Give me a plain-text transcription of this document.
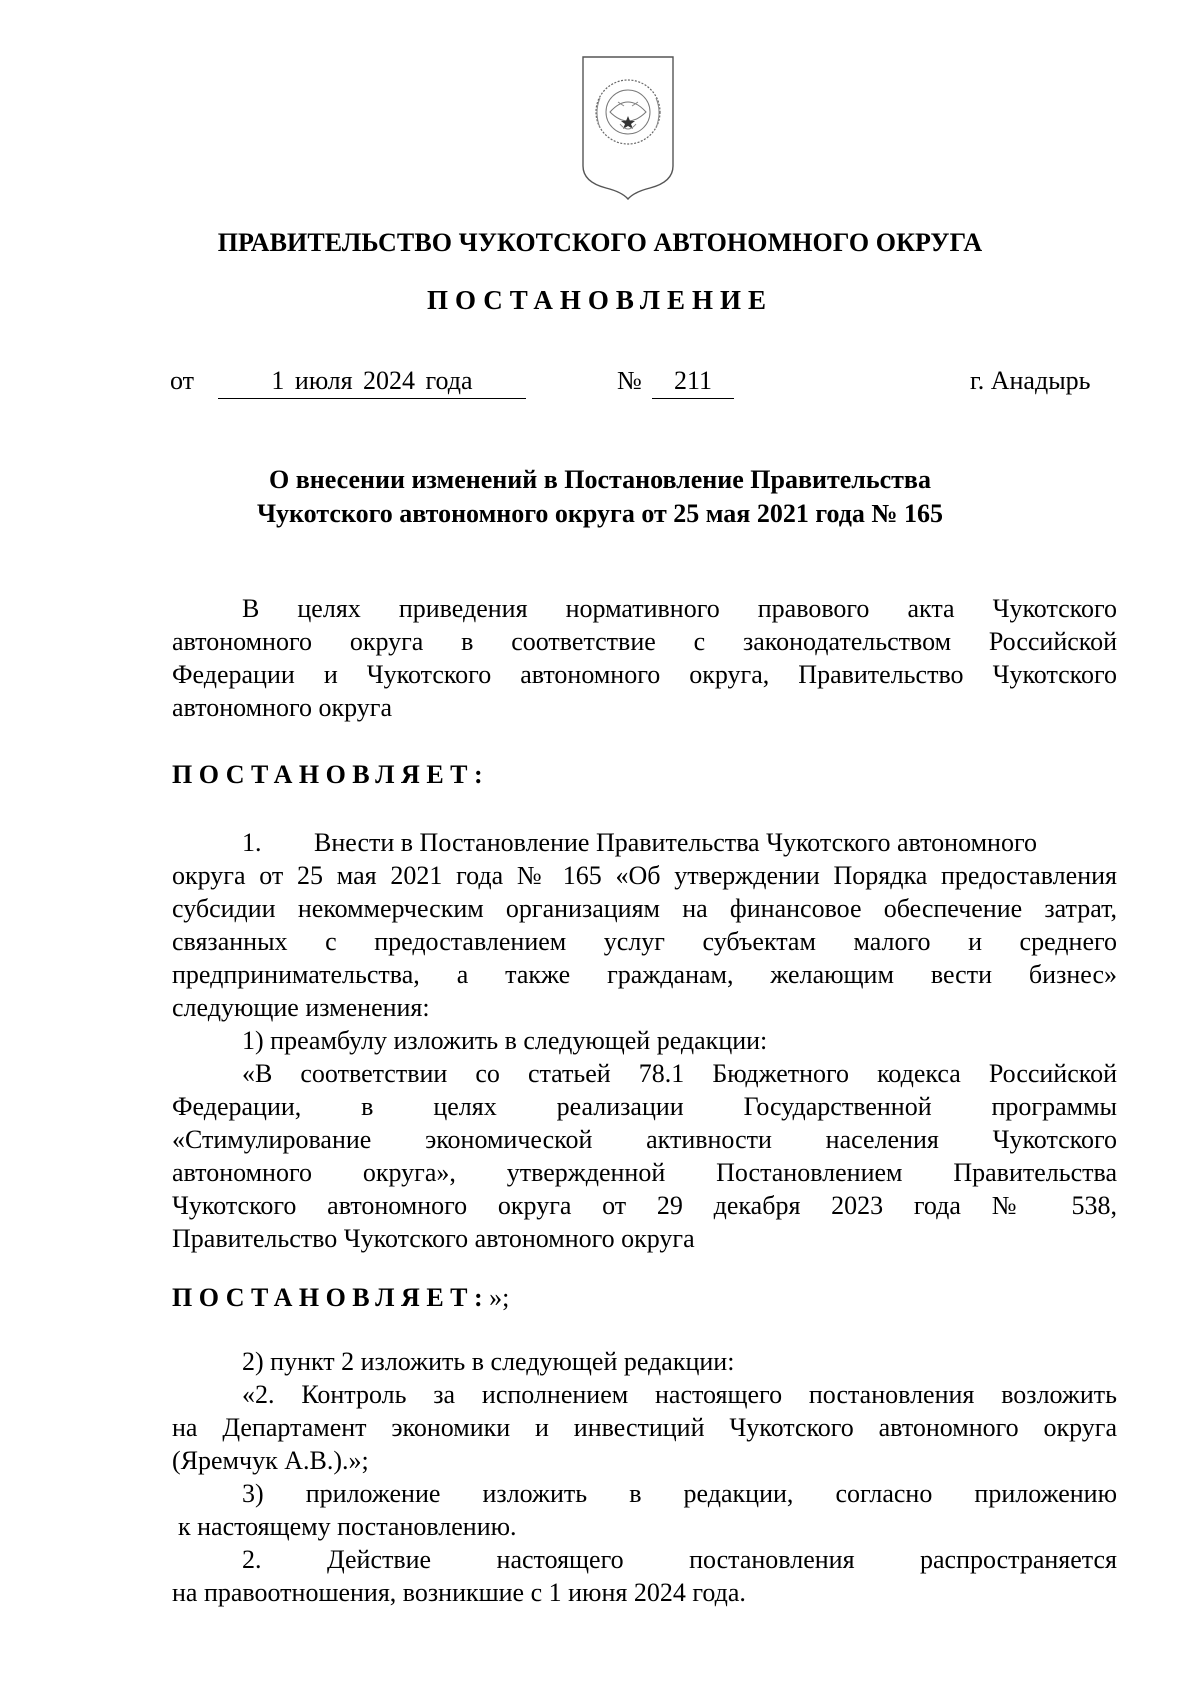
ПРАВИТЕЛЬСТВО ЧУКОТСКОГО АВТОНОМНОГО ОКРУГА
ПОСТАНОВЛЕНИЕ
от	1 июля 2024 года	№	211	г. Анадырь
О внесении изменений в Постановление Правительства
Чукотского автономного округа от 25 мая 2021 года № 165
В целях приведения нормативного правового акта Чукотского
автономного округа в соответствие с законодательством Российской
Федерации и Чукотского автономного округа, Правительство Чукотского
автономного округа
ПОСТАНОВЛЯЕТ:
1. Внести в Постановление Правительства Чукотского автономного
округа от 25 мая 2021 года № 165 «Об утверждении Порядка предоставления
субсидии некоммерческим организациям на финансовое обеспечение затрат,
связанных с предоставлением услуг субъектам малого и среднего
предпринимательства, а также гражданам, желающим вести бизнес»
следующие изменения:
1) преамбулу изложить в следующей редакции:
«В соответствии со статьей 78.1 Бюджетного кодекса Российской
Федерации, в целях реализации Государственной программы
«Стимулирование экономической активности населения Чукотского
автономного округа», утвержденной Постановлением Правительства
Чукотского автономного округа от 29 декабря 2023 года № 538,
Правительство Чукотского автономного округа
ПОСТАНОВЛЯЕТ:»;
2) пункт 2 изложить в следующей редакции:
«2. Контроль за исполнением настоящего постановления возложить
на Департамент экономики и инвестиций Чукотского автономного округа
(Яремчук А.В.).»;
3) приложение изложить в редакции, согласно приложению
к настоящему постановлению.
2. Действие настоящего постановления распространяется
на правоотношения, возникшие с 1 июня 2024 года.
